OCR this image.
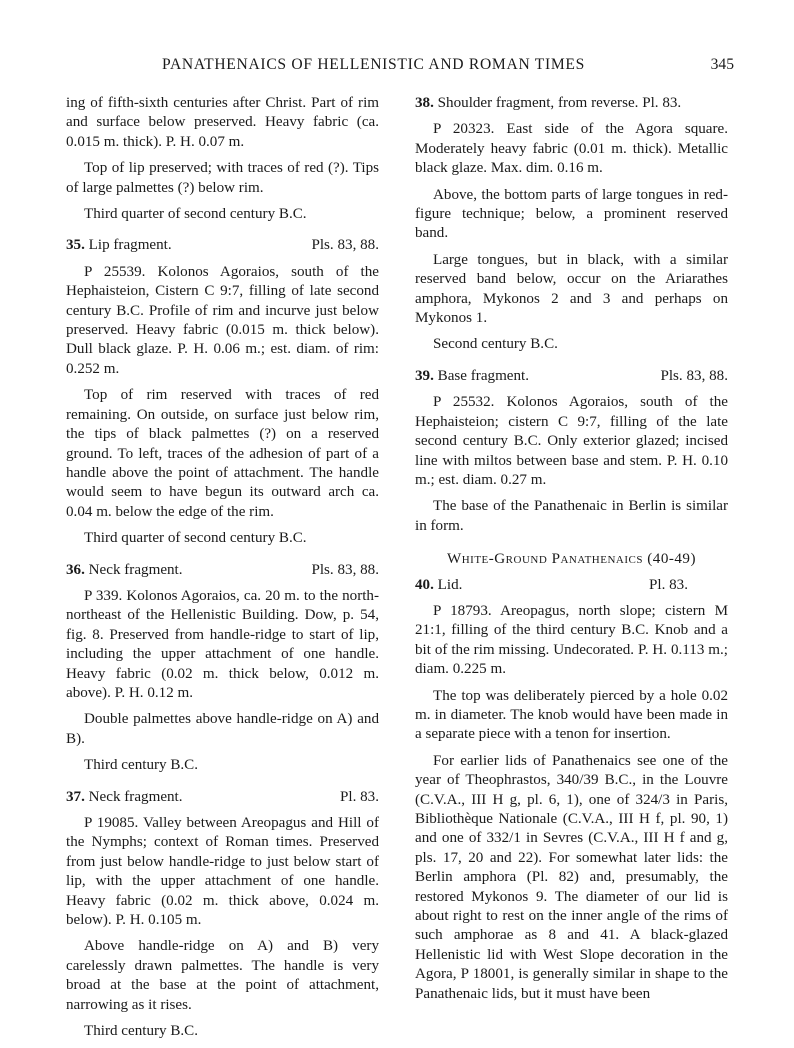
PANATHENAICS OF HELLENISTIC AND ROMAN TIMES	345

ing of fifth-sixth centuries after Christ. Part of rim and surface below preserved. Heavy fabric (ca. 0.015 m. thick). P. H. 0.07 m.

Top of lip preserved; with traces of red (?). Tips of large palmettes (?) below rim.

Third quarter of second century B.C.

35. Lip fragment.	Pls. 83, 88.

P 25539. Kolonos Agoraios, south of the Hephaisteion, Cistern C 9:7, filling of late second century B.C. Profile of rim and incurve just below preserved. Heavy fabric (0.015 m. thick below). Dull black glaze. P. H. 0.06 m.; est. diam. of rim: 0.252 m.

Top of rim reserved with traces of red remaining. On outside, on surface just below rim, the tips of black palmettes (?) on a reserved ground. To left, traces of the adhesion of part of a handle above the point of attachment. The handle would seem to have begun its outward arch ca. 0.04 m. below the edge of the rim.

Third quarter of second century B.C.

36. Neck fragment.	Pls. 83, 88.

P 339. Kolonos Agoraios, ca. 20 m. to the north-northeast of the Hellenistic Building. Dow, p. 54, fig. 8. Preserved from handle-ridge to start of lip, including the upper attachment of one handle. Heavy fabric (0.02 m. thick below, 0.012 m. above). P. H. 0.12 m.

Double palmettes above handle-ridge on A) and B).

Third century B.C.

37. Neck fragment.	Pl. 83.

P 19085. Valley between Areopagus and Hill of the Nymphs; context of Roman times. Preserved from just below handle-ridge to just below start of lip, with the upper attachment of one handle. Heavy fabric (0.02 m. thick above, 0.024 m. below). P. H. 0.105 m.

Above handle-ridge on A) and B) very carelessly drawn palmettes. The handle is very broad at the base at the point of attachment, narrowing as it rises.

Third century B.C.

38. Shoulder fragment, from reverse. Pl. 83.

P 20323. East side of the Agora square. Moderately heavy fabric (0.01 m. thick). Metallic black glaze. Max. dim. 0.16 m.

Above, the bottom parts of large tongues in red-figure technique; below, a prominent reserved band.

Large tongues, but in black, with a similar reserved band below, occur on the Ariarathes amphora, Mykonos 2 and 3 and perhaps on Mykonos 1.

Second century B.C.

39. Base fragment.	Pls. 83, 88.

P 25532. Kolonos Agoraios, south of the Hephaisteion; cistern C 9:7, filling of the late second century B.C. Only exterior glazed; incised line with miltos between base and stem. P. H. 0.10 m.; est. diam. 0.27 m.

The base of the Panathenaic in Berlin is similar in form.

White-Ground Panathenaics (40-49)
40. Lid.	Pl. 83.

P 18793. Areopagus, north slope; cistern M 21:1, filling of the third century B.C. Knob and a bit of the rim missing. Undecorated. P. H. 0.113 m.; diam. 0.225 m.

The top was deliberately pierced by a hole 0.02 m. in diameter. The knob would have been made in a separate piece with a tenon for insertion.

For earlier lids of Panathenaics see one of the year of Theophrastos, 340/39 B.C., in the Louvre (C.V.A., III H g, pl. 6, 1), one of 324/3 in Paris, Bibliothèque Nationale (C.V.A., III H f, pl. 90, 1) and one of 332/1 in Sevres (C.V.A., III H f and g, pls. 17, 20 and 22). For somewhat later lids: the Berlin amphora (Pl. 82) and, presumably, the restored Mykonos 9. The diameter of our lid is about right to rest on the inner angle of the rims of such amphorae as 8 and 41. A black-glazed Hellenistic lid with West Slope decoration in the Agora, P 18001, is generally similar in shape to the Panathenaic lids, but it must have been
